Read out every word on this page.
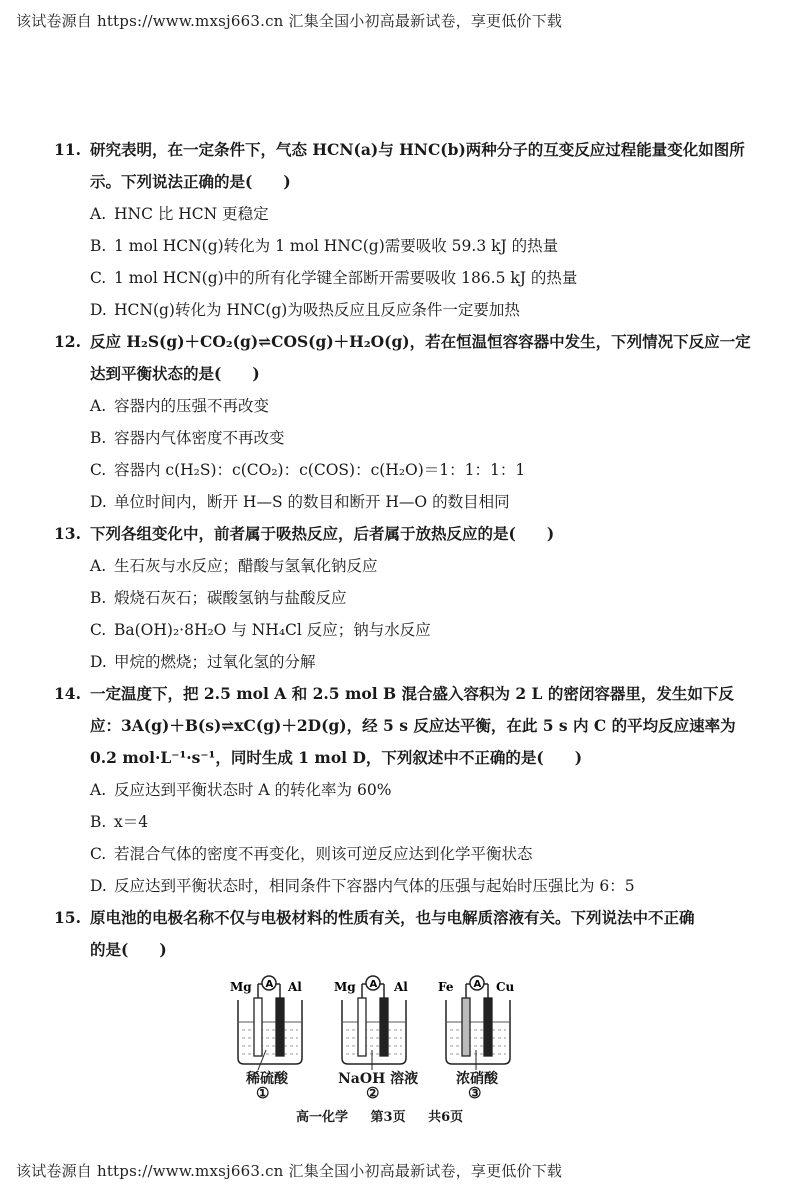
该试卷源自 https://www.mxsj663.cn 汇集全国小初高最新试卷，享更低价下载
11. 研究表明，在一定条件下，气态 HCN(a)与 HNC(b)两种分子的互变反应过程能量变化如图所
示。下列说法正确的是(　　)
A. HNC 比 HCN 更稳定
B. 1 mol HCN(g)转化为 1 mol HNC(g)需要吸收 59.3 kJ 的热量
C. 1 mol HCN(g)中的所有化学键全部断开需要吸收 186.5 kJ 的热量
D. HCN(g)转化为 HNC(g)为吸热反应且反应条件一定要加热
12. 反应 H₂S(g)＋CO₂(g)⇌COS(g)＋H₂O(g)，若在恒温恒容容器中发生，下列情况下反应一定
达到平衡状态的是(　　)
A. 容器内的压强不再改变
B. 容器内气体密度不再改变
C. 容器内 c(H₂S)：c(CO₂)：c(COS)：c(H₂O)＝1：1：1：1
D. 单位时间内，断开 H—S 的数目和断开 H—O 的数目相同
13. 下列各组变化中，前者属于吸热反应，后者属于放热反应的是(　　)
A. 生石灰与水反应；醋酸与氢氧化钠反应
B. 煅烧石灰石；碳酸氢钠与盐酸反应
C. Ba(OH)₂·8H₂O 与 NH₄Cl 反应；钠与水反应
D. 甲烷的燃烧；过氧化氢的分解
14. 一定温度下，把 2.5 mol A 和 2.5 mol B 混合盛入容积为 2 L 的密闭容器里，发生如下反
应：3A(g)＋B(s)⇌xC(g)＋2D(g)，经 5 s 反应达平衡，在此 5 s 内 C 的平均反应速率为
0.2 mol·L⁻¹·s⁻¹，同时生成 1 mol D，下列叙述中不正确的是(　　)
A. 反应达到平衡状态时 A 的转化率为 60%
B. x＝4
C. 若混合气体的密度不再变化，则该可逆反应达到化学平衡状态
D. 反应达到平衡状态时，相同条件下容器内气体的压强与起始时压强比为 6：5
15. 原电池的电极名称不仅与电极材料的性质有关，也与电解质溶液有关。下列说法中不正确
的是(　　)
Mg	Al
A	Mg	Al
A	Fe	Cu
A
稀硫酸
①
NaOH 溶液
②
浓硝酸
③
高一化学 第3页 共6页
该试卷源自 https://www.mxsj663.cn 汇集全国小初高最新试卷，享更低价下载
